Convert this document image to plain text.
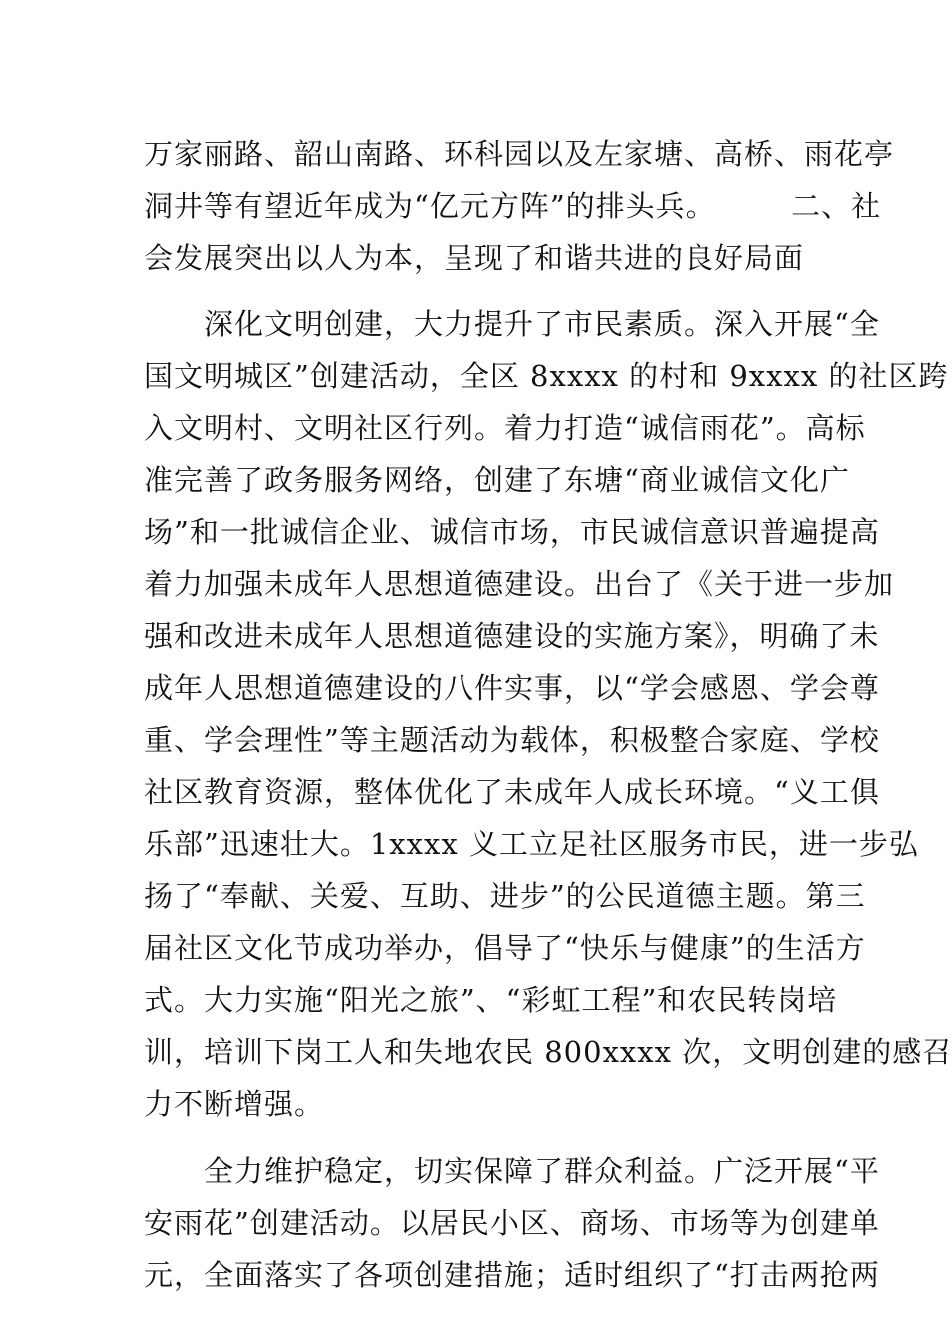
万家丽路、韶山南路、环科园以及左家塘、高桥、雨花亭
洞井等有望近年成为“亿元方阵”的排头兵。　　　二、社
会发展突出以人为本，呈现了和谐共进的良好局面
　　深化文明创建，大力提升了市民素质。深入开展“全
国文明城区”创建活动，全区 8xxxx 的村和 9xxxx 的社区跨
入文明村、文明社区行列。着力打造“诚信雨花”。高标
准完善了政务服务网络，创建了东塘“商业诚信文化广
场”和一批诚信企业、诚信市场，市民诚信意识普遍提高
着力加强未成年人思想道德建设。出台了《关于进一步加
强和改进未成年人思想道德建设的实施方案》，明确了未
成年人思想道德建设的八件实事，以“学会感恩、学会尊
重、学会理性”等主题活动为载体，积极整合家庭、学校
社区教育资源，整体优化了未成年人成长环境。“义工俱
乐部”迅速壮大。1xxxx 义工立足社区服务市民，进一步弘
扬了“奉献、关爱、互助、进步”的公民道德主题。第三
届社区文化节成功举办，倡导了“快乐与健康”的生活方
式。大力实施“阳光之旅”、“彩虹工程”和农民转岗培
训，培训下岗工人和失地农民 800xxxx 次，文明创建的感召
力不断增强。
　　全力维护稳定，切实保障了群众利益。广泛开展“平
安雨花”创建活动。以居民小区、商场、市场等为创建单
元，全面落实了各项创建措施；适时组织了“打击两抢两
